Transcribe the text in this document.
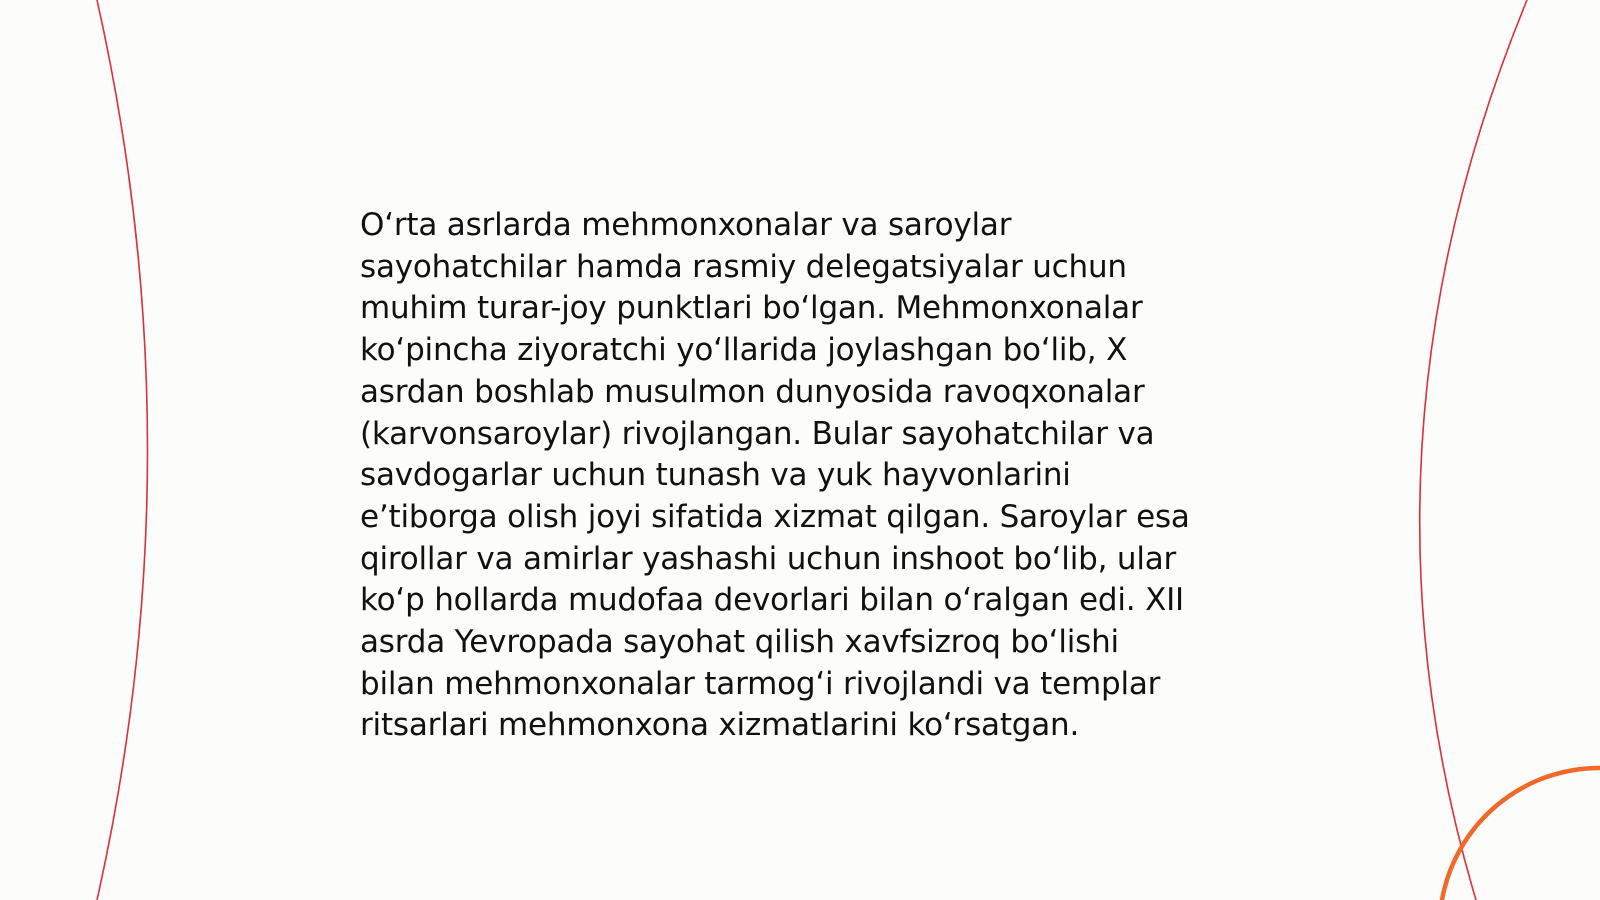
O‘rta asrlarda mehmonxonalar va saroylar
sayohatchilar hamda rasmiy delegatsiyalar uchun
muhim turar-joy punktlari bo‘lgan. Mehmonxonalar
ko‘pincha ziyoratchi yo‘llarida joylashgan bo‘lib, X
asrdan boshlab musulmon dunyosida ravoqxonalar
(karvonsaroylar) rivojlangan. Bular sayohatchilar va
savdogarlar uchun tunash va yuk hayvonlarini
e’tiborga olish joyi sifatida xizmat qilgan. Saroylar esa
qirollar va amirlar yashashi uchun inshoot bo‘lib, ular
ko‘p hollarda mudofaa devorlari bilan o‘ralgan edi. XII
asrda Yevropada sayohat qilish xavfsizroq bo‘lishi
bilan mehmonxonalar tarmog‘i rivojlandi va templar
ritsarlari mehmonxona xizmatlarini ko‘rsatgan.
